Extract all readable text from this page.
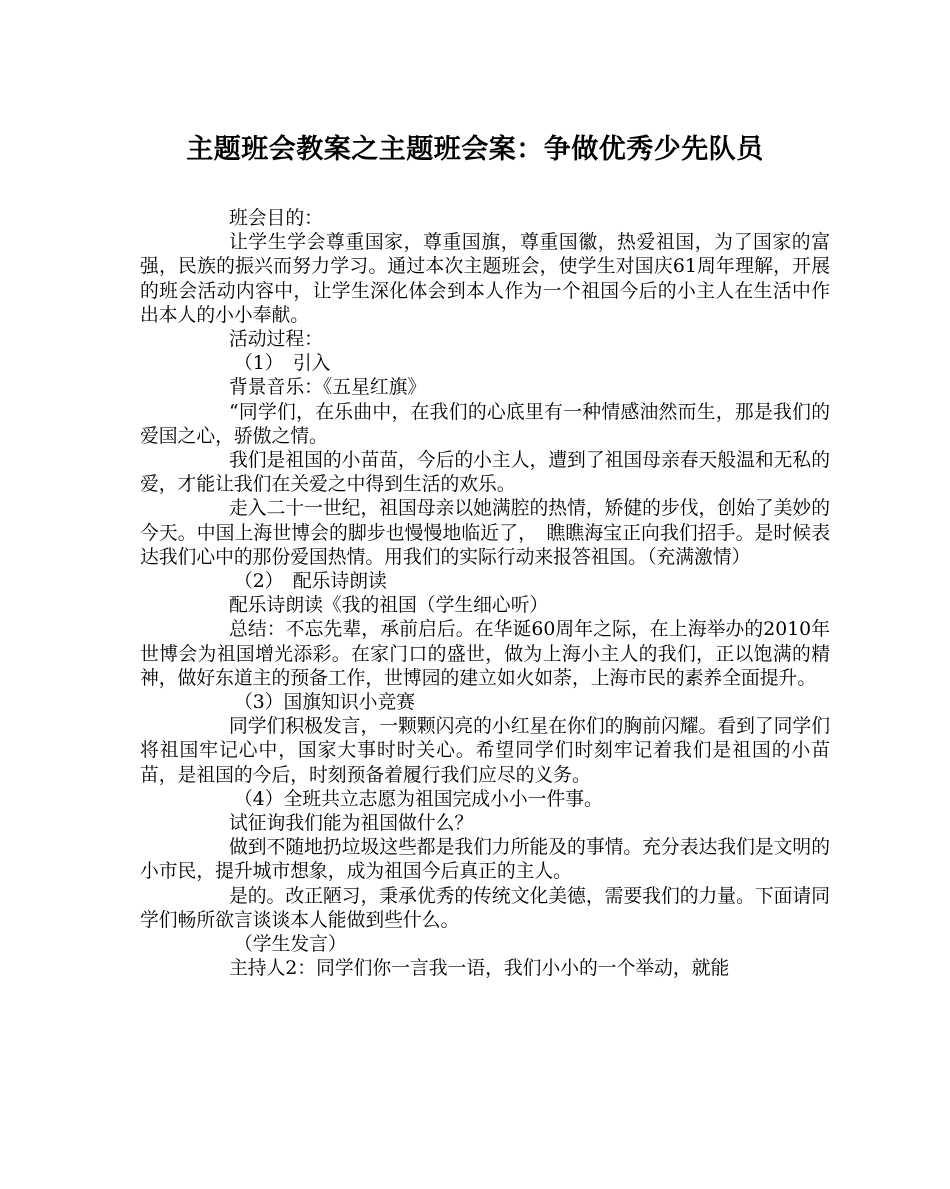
主题班会教案之主题班会案：争做优秀少先队员

班会目的：

让学生学会尊重国家，尊重国旗，尊重国徽，热爱祖国，为了国家的富强，民族的振兴而努力学习。通过本次主题班会，使学生对国庆61周年理解，开展的班会活动内容中，让学生深化体会到本人作为一个祖国今后的小主人在生活中作出本人的小小奉献。

活动过程：

（1）　引入

背景音乐：《五星红旗》

“同学们，在乐曲中，在我们的心底里有一种情感油然而生，那是我们的爱国之心，骄傲之情。

我们是祖国的小苗苗，今后的小主人，遭到了祖国母亲春天般温和无私的爱，才能让我们在关爱之中得到生活的欢乐。

走入二十一世纪，祖国母亲以她满腔的热情，矫健的步伐，创始了美妙的今天。中国上海世博会的脚步也慢慢地临近了，　瞧瞧海宝正向我们招手。是时候表达我们心中的那份爱国热情。用我们的实际行动来报答祖国。（充满激情）

（2）　配乐诗朗读

配乐诗朗读《我的祖国（学生细心听）

总结：不忘先辈，承前启后。在华诞60周年之际，在上海举办的2010年世博会为祖国增光添彩。在家门口的盛世，做为上海小主人的我们，正以饱满的精神，做好东道主的预备工作，世博园的建立如火如荼，上海市民的素养全面提升。

（3）国旗知识小竞赛

同学们积极发言，一颗颗闪亮的小红星在你们的胸前闪耀。看到了同学们将祖国牢记心中，国家大事时时关心。希望同学们时刻牢记着我们是祖国的小苗苗，是祖国的今后，时刻预备着履行我们应尽的义务。

（4）全班共立志愿为祖国完成小小一件事。

试征询我们能为祖国做什么？

做到不随地扔垃圾这些都是我们力所能及的事情。充分表达我们是文明的小市民，提升城市想象，成为祖国今后真正的主人。

是的。改正陋习，秉承优秀的传统文化美德，需要我们的力量。下面请同学们畅所欲言谈谈本人能做到些什么。

（学生发言）

主持人2：同学们你一言我一语，我们小小的一个举动，就能
